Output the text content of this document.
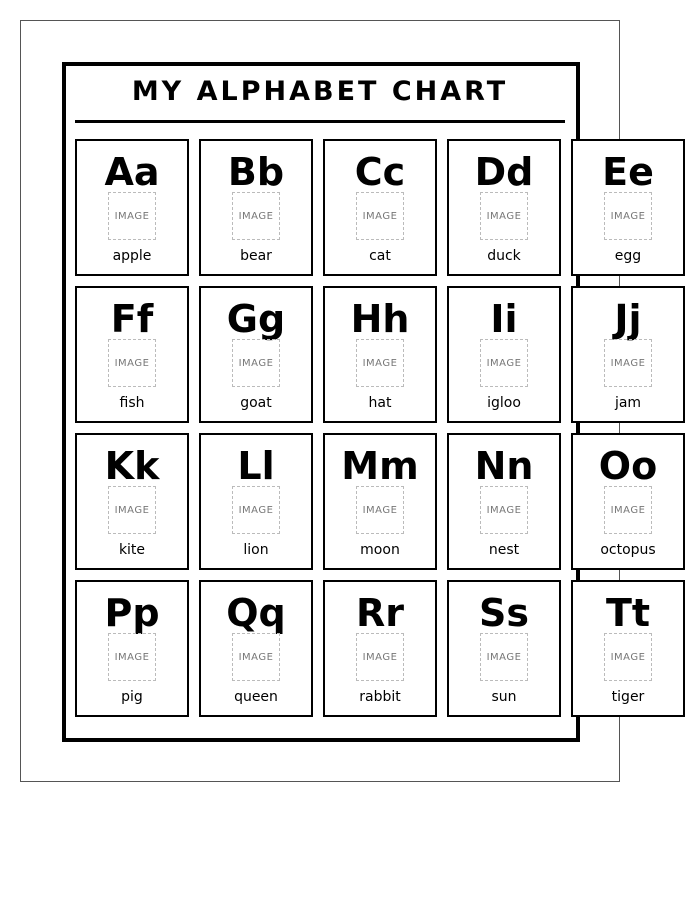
MY ALPHABET CHART
Aa
IMAGE
apple
Bb
IMAGE
bear
Cc
IMAGE
cat
Dd
IMAGE
duck
Ee
IMAGE
egg
Ff
IMAGE
fish
Gg
IMAGE
goat
Hh
IMAGE
hat
Ii
IMAGE
igloo
Jj
IMAGE
jam
Kk
IMAGE
kite
Ll
IMAGE
lion
Mm
IMAGE
moon
Nn
IMAGE
nest
Oo
IMAGE
octopus
Pp
IMAGE
pig
Qq
IMAGE
queen
Rr
IMAGE
rabbit
Ss
IMAGE
sun
Tt
IMAGE
tiger
